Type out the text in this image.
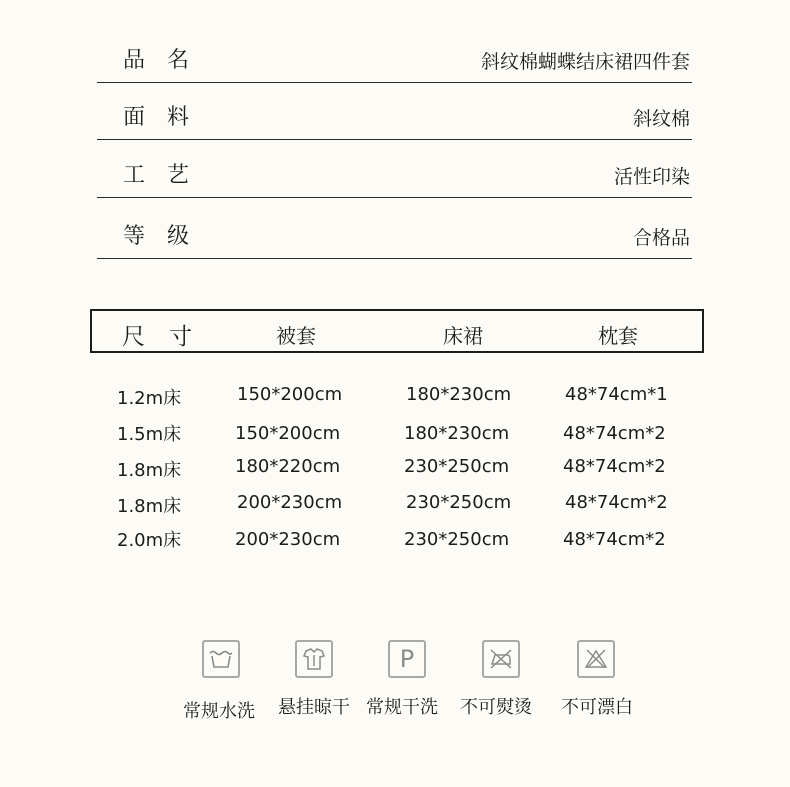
品 名	斜纹棉蝴蝶结床裙四件套
面 料	斜纹棉
工 艺	活性印染
等 级	合格品
尺 寸	被套	床裙	枕套
1.2m床	150*200cm	180*230cm	48*74cm*1
1.5m床	150*200cm	180*230cm	48*74cm*2
1.8m床	180*220cm	230*250cm	48*74cm*2
1.8m床	200*230cm	230*250cm	48*74cm*2
2.0m床	200*230cm	230*250cm	48*74cm*2
P
常规水洗 悬挂晾干 常规干洗 不可熨烫 不可漂白
